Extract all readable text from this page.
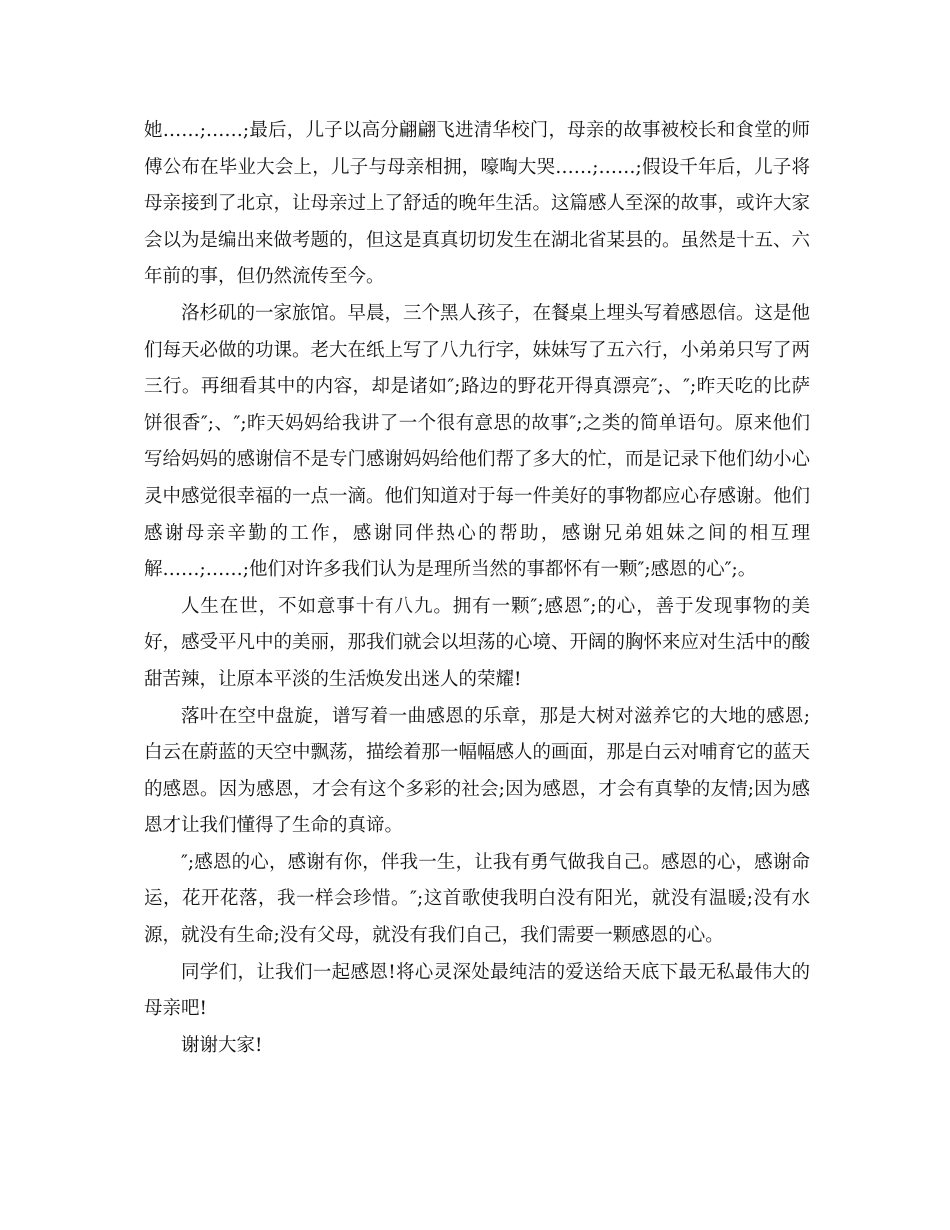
她……;……;最后，儿子以高分翩翩飞进清华校门，母亲的故事被校长和食堂的师傅公布在毕业大会上，儿子与母亲相拥，嚎啕大哭……;……;假设千年后，儿子将母亲接到了北京，让母亲过上了舒适的晚年生活。这篇感人至深的故事，或许大家会以为是编出来做考题的，但这是真真切切发生在湖北省某县的。虽然是十五、六年前的事，但仍然流传至今。

洛杉矶的一家旅馆。早晨，三个黑人孩子，在餐桌上埋头写着感恩信。这是他们每天必做的功课。老大在纸上写了八九行字，妹妹写了五六行，小弟弟只写了两三行。再细看其中的内容，却是诸如″;路边的野花开得真漂亮″;、″;昨天吃的比萨饼很香″;、″;昨天妈妈给我讲了一个很有意思的故事″;之类的简单语句。原来他们写给妈妈的感谢信不是专门感谢妈妈给他们帮了多大的忙，而是记录下他们幼小心灵中感觉很幸福的一点一滴。他们知道对于每一件美好的事物都应心存感谢。他们感谢母亲辛勤的工作，感谢同伴热心的帮助，感谢兄弟姐妹之间的相互理解……;……;他们对许多我们认为是理所当然的事都怀有一颗″;感恩的心″;。

人生在世，不如意事十有八九。拥有一颗″;感恩″;的心，善于发现事物的美好，感受平凡中的美丽，那我们就会以坦荡的心境、开阔的胸怀来应对生活中的酸甜苦辣，让原本平淡的生活焕发出迷人的荣耀!

落叶在空中盘旋，谱写着一曲感恩的乐章，那是大树对滋养它的大地的感恩;白云在蔚蓝的天空中飘荡，描绘着那一幅幅感人的画面，那是白云对哺育它的蓝天的感恩。因为感恩，才会有这个多彩的社会;因为感恩，才会有真挚的友情;因为感恩才让我们懂得了生命的真谛。

″;感恩的心，感谢有你，伴我一生，让我有勇气做我自己。感恩的心，感谢命运，花开花落，我一样会珍惜。″;这首歌使我明白没有阳光，就没有温暖;没有水源，就没有生命;没有父母，就没有我们自己，我们需要一颗感恩的心。

同学们，让我们一起感恩!将心灵深处最纯洁的爱送给天底下最无私最伟大的母亲吧!

谢谢大家!
